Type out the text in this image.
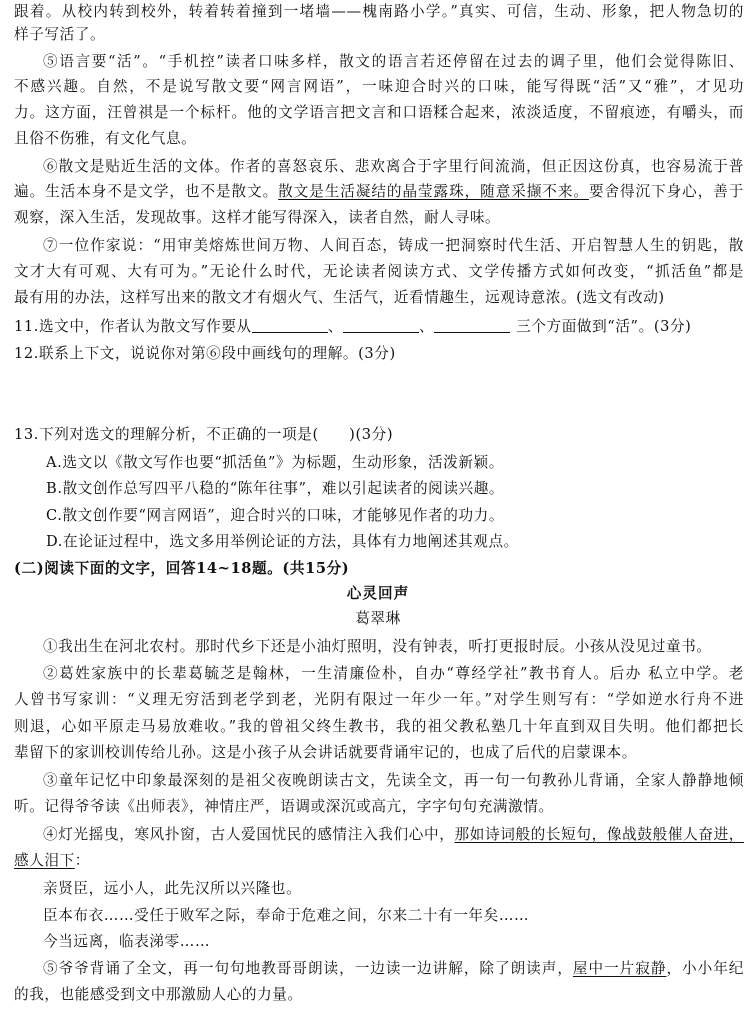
跟着。从校内转到校外，转着转着撞到一堵墙——槐南路小学。”真实、可信，生动、形象，把人物急切的
样子写活了。
⑤语言要“活”。“手机控”读者口味多样，散文的语言若还停留在过去的调子里，他们会觉得陈旧、
不感兴趣。自然，不是说写散文要“网言网语”，一味迎合时兴的口味，能写得既“活”又“雅”，才见功
力。这方面，汪曾祺是一个标杆。他的文学语言把文言和口语糅合起来，浓淡适度，不留痕迹，有嚼头，而
且俗不伤雅，有文化气息。
⑥散文是贴近生活的文体。作者的喜怒哀乐、悲欢离合于字里行间流淌，但正因这份真，也容易流于普
遍。生活本身不是文学，也不是散文。散文是生活凝结的晶莹露珠，随意采撷不来。要舍得沉下身心，善于
观察，深入生活，发现故事。这样才能写得深入，读者自然，耐人寻味。
⑦一位作家说：“用审美熔炼世间万物、人间百态，铸成一把洞察时代生活、开启智慧人生的钥匙，散
文才大有可观、大有可为。”无论什么时代，无论读者阅读方式、文学传播方式如何改变，“抓活鱼”都是
最有用的办法，这样写出来的散文才有烟火气、生活气，近看情趣生，远观诗意浓。(选文有改动)
11.选文中，作者认为散文写作要从	、	、	三个方面做到“活”。(3分)
12.联系上下文，说说你对第⑥段中画线句的理解。(3分)
13.下列对选文的理解分析，不正确的一项是(　　)(3分)
A.选文以《散文写作也要“抓活鱼”》为标题，生动形象，活泼新颖。
B.散文创作总写四平八稳的“陈年往事”，难以引起读者的阅读兴趣。
C.散文创作要“网言网语”，迎合时兴的口味，才能够见作者的功力。
D.在论证过程中，选文多用举例论证的方法，具体有力地阐述其观点。
(二)阅读下面的文字，回答14~18题。(共15分)
心灵回声
葛翠琳
①我出生在河北农村。那时代乡下还是小油灯照明，没有钟表，听打更报时辰。小孩从没见过童书。
②葛姓家族中的长辈葛毓芝是翰林，一生清廉俭朴，自办“尊经学社”教书育人。后办 私立中学。老
人曾书写家训：“义理无穷活到老学到老，光阴有限过一年少一年。”对学生则写有：“学如逆水行舟不进
则退，心如平原走马易放难收。”我的曾祖父终生教书，我的祖父教私塾几十年直到双目失明。他们都把长
辈留下的家训校训传给儿孙。这是小孩子从会讲话就要背诵牢记的，也成了后代的启蒙课本。
③童年记忆中印象最深刻的是祖父夜晚朗读古文，先读全文，再一句一句教孙儿背诵，全家人静静地倾
听。记得爷爷读《出师表》，神情庄严，语调或深沉或高亢，字字句句充满激情。
④灯光摇曳，寒风扑窗，古人爱国忧民的感情注入我们心中，那如诗词般的长短句，像战鼓般催人奋进，
感人泪下：
亲贤臣，远小人，此先汉所以兴隆也。
臣本布衣……受任于败军之际，奉命于危难之间，尔来二十有一年矣……
今当远离，临表涕零……
⑤爷爷背诵了全文，再一句句地教哥哥朗读，一边读一边讲解，除了朗读声，屋中一片寂静，小小年纪
的我，也能感受到文中那激励人心的力量。
